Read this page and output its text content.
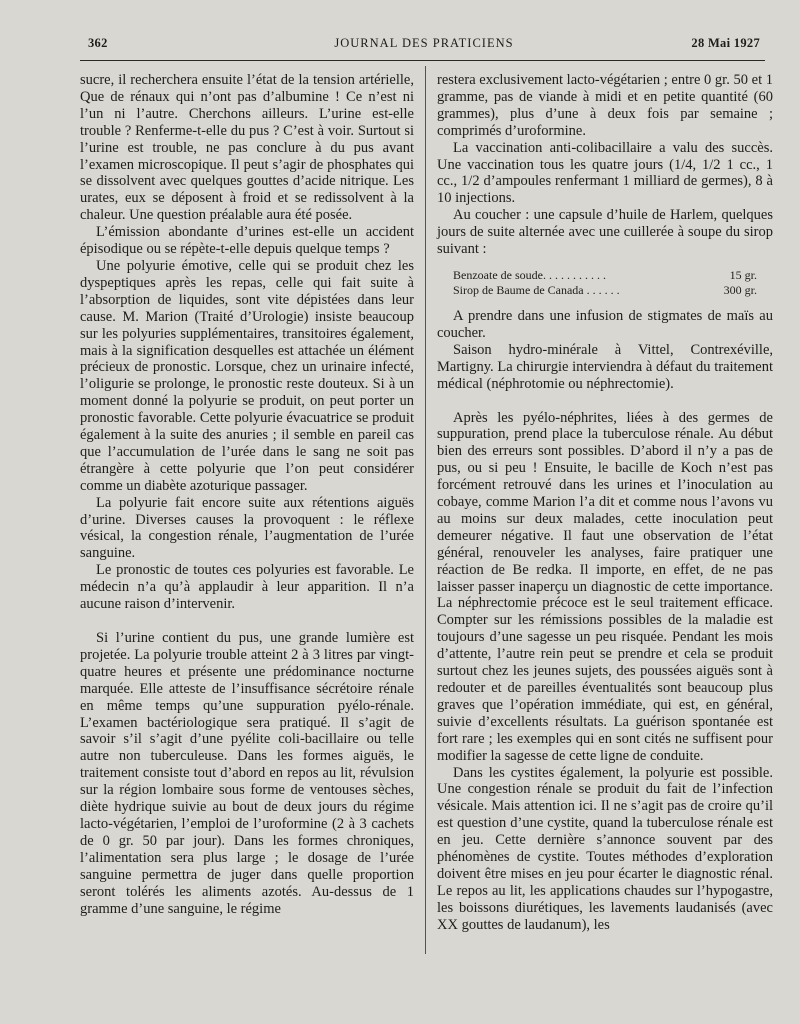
362	JOURNAL DES PRATICIENS	28 Mai 1927

sucre, il recherchera ensuite l’état de la tension artérielle, Que de rénaux qui n’ont pas d’albumine ! Ce n’est ni l’un ni l’autre. Cherchons ailleurs. L’urine est-elle trouble ? Renferme-t-elle du pus ? C’est à voir. Surtout si l’urine est trouble, ne pas conclure à du pus avant l’examen microscopique. Il peut s’agir de phosphates qui se dissolvent avec quelques gouttes d’acide nitrique. Les urates, eux se déposent à froid et se redissolvent à la chaleur. Une question préalable aura été posée.

L’émission abondante d’urines est-elle un accident épisodique ou se répète-t-elle depuis quelque temps ?

Une polyurie émotive, celle qui se produit chez les dyspeptiques après les repas, celle qui fait suite à l’absorption de liquides, sont vite dépistées dans leur cause. M. Marion (Traité d’Urologie) insiste beaucoup sur les polyuries supplémentaires, transitoires également, mais à la signification desquelles est attachée un élément précieux de pronostic. Lorsque, chez un urinaire infecté, l’oligurie se prolonge, le pronostic reste douteux. Si à un moment donné la polyurie se produit, on peut porter un pronostic favorable. Cette polyurie évacuatrice se produit également à la suite des anuries ; il semble en pareil cas que l’accumulation de l’urée dans le sang ne soit pas étrangère à cette polyurie que l’on peut considérer comme un diabète azoturique passager.

La polyurie fait encore suite aux rétentions aiguës d’urine. Diverses causes la provoquent : le réflexe vésical, la congestion rénale, l’augmentation de l’urée sanguine.

Le pronostic de toutes ces polyuries est favorable. Le médecin n’a qu’à applaudir à leur apparition. Il n’a aucune raison d’intervenir.

Si l’urine contient du pus, une grande lumière est projetée. La polyurie trouble atteint 2 à 3 litres par vingt-quatre heures et présente une prédominance nocturne marquée. Elle atteste de l’insuffisance sécrétoire rénale en même temps qu’une suppuration pyélo-rénale. L’examen bactériologique sera pratiqué. Il s’agit de savoir s’il s’agit d’une pyélite coli-bacillaire ou telle autre non tuberculeuse. Dans les formes aiguës, le traitement consiste tout d’abord en repos au lit, révulsion sur la région lombaire sous forme de ventouses sèches, diète hydrique suivie au bout de deux jours du régime lacto-végétarien, l’emploi de l’uroformine (2 à 3 cachets de 0 gr. 50 par jour). Dans les formes chroniques, l’alimentation sera plus large ; le dosage de l’urée sanguine permettra de juger dans quelle proportion seront tolérés les aliments azotés. Au-dessus de 1 gramme d’une sanguine, le régime

restera exclusivement lacto-végétarien ; entre 0 gr. 50 et 1 gramme, pas de viande à midi et en petite quantité (60 grammes), plus d’une à deux fois par semaine ; comprimés d’uroformine.

La vaccination anti-colibacillaire a valu des succès. Une vaccination tous les quatre jours (1/4, 1/2 1 cc., 1 cc., 1/2 d’ampoules renfermant 1 milliard de germes), 8 à 10 injections.

Au coucher : une capsule d’huile de Harlem, quelques jours de suite alternée avec une cuillerée à soupe du sirop suivant :

Benzoate de soude. . . . . . . . . . .	15 gr.
Sirop de Baume de Canada . . . . . .	300 gr.

A prendre dans une infusion de stigmates de maïs au coucher.

Saison hydro-minérale à Vittel, Contrexéville, Martigny. La chirurgie interviendra à défaut du traitement médical (néphrotomie ou néphrectomie).

Après les pyélo-néphrites, liées à des germes de suppuration, prend place la tuberculose rénale. Au début bien des erreurs sont possibles. D’abord il n’y a pas de pus, ou si peu ! Ensuite, le bacille de Koch n’est pas forcément retrouvé dans les urines et l’inoculation au cobaye, comme Marion l’a dit et comme nous l’avons vu au moins sur deux malades, cette inoculation peut demeurer négative. Il faut une observation de l’état général, renouveler les analyses, faire pratiquer une réaction de Be redka. Il importe, en effet, de ne pas laisser passer inaperçu un diagnostic de cette importance. La néphrectomie précoce est le seul traitement efficace. Compter sur les rémissions possibles de la maladie est toujours d’une sagesse un peu risquée. Pendant les mois d’attente, l’autre rein peut se prendre et cela se produit surtout chez les jeunes sujets, des poussées aiguës sont à redouter et de pareilles éventualités sont beaucoup plus graves que l’opération immédiate, qui est, en général, suivie d’excellents résultats. La guérison spontanée est fort rare ; les exemples qui en sont cités ne suffisent pour modifier la sagesse de cette ligne de conduite.

Dans les cystites également, la polyurie est possible. Une congestion rénale se produit du fait de l’infection vésicale. Mais attention ici. Il ne s’agit pas de croire qu’il est question d’une cystite, quand la tuberculose rénale est en jeu. Cette dernière s’annonce souvent par des phénomènes de cystite. Toutes méthodes d’exploration doivent être mises en jeu pour écarter le diagnostic rénal. Le repos au lit, les applications chaudes sur l’hypogastre, les boissons diurétiques, les lavements laudanisés (avec XX gouttes de laudanum), les
